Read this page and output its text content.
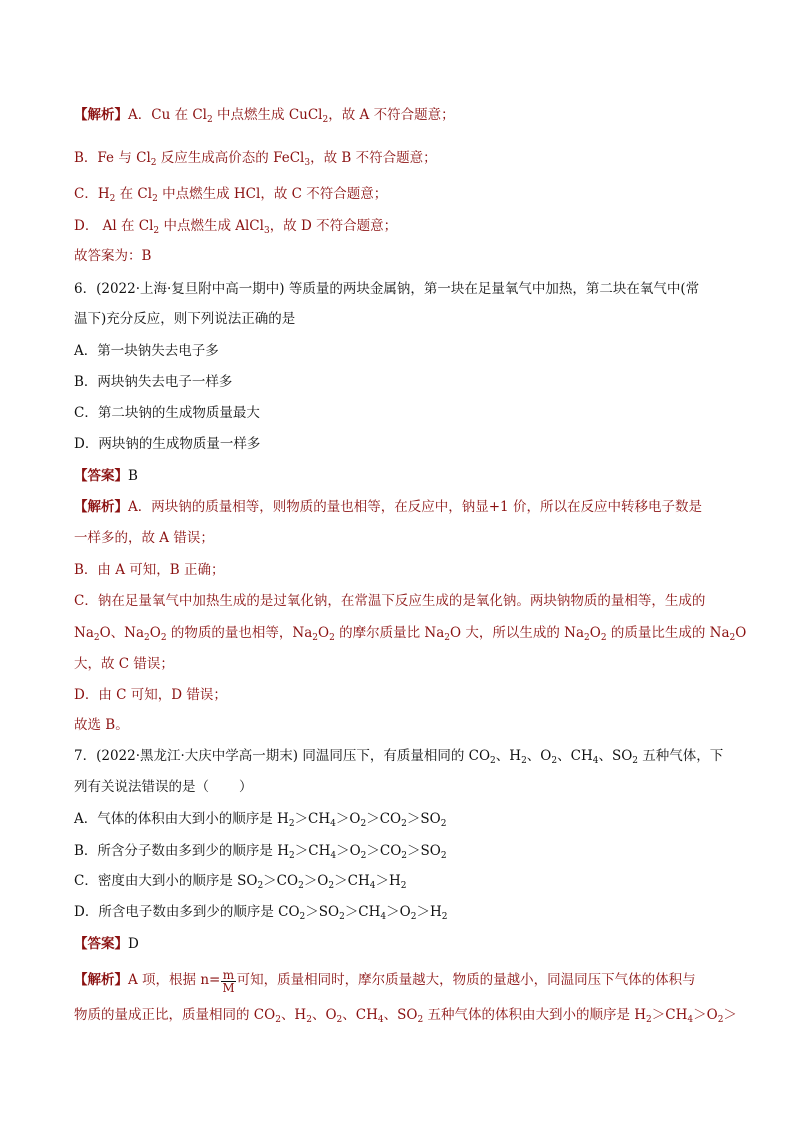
【解析】A．Cu 在 $Cl_2$ 中点燃生成 CuCl$_2$，故 A 不符合题意；
B．Fe 与 $Cl_2$ 反应生成高价态的 FeCl$_3$，故 B 不符合题意；
C．$H_2$ 在 $Cl_2$ 中点燃生成 HCl，故 C 不符合题意；
D． Al 在 $Cl_2$ 中点燃生成 AlCl$_3$，故 D 不符合题意；
故答案为：B
6．(2022·上海·复旦附中高一期中) 等质量的两块金属钠，第一块在足量氧气中加热，第二块在氧气中(常
温下)充分反应，则下列说法正确的是
A．第一块钠失去电子多
B．两块钠失去电子一样多
C．第二块钠的生成物质量最大
D．两块钠的生成物质量一样多
【答案】B
【解析】A．两块钠的质量相等，则物质的量也相等，在反应中，钠显+1 价，所以在反应中转移电子数是
一样多的，故 A 错误；
B．由 A 可知，B 正确；
C．钠在足量氧气中加热生成的是过氧化钠，在常温下反应生成的是氧化钠。两块钠物质的量相等，生成的
$Na_2O$、$Na_2O_2$ 的物质的量也相等，$Na_2O_2$ 的摩尔质量比 $Na_2O$ 大，所以生成的 $Na_2O_2$ 的质量比生成的 $Na_2O$
大，故 C 错误；
D．由 C 可知，D 错误；
故选 B。
7．(2022·黑龙江·大庆中学高一期末) 同温同压下，有质量相同的 $CO_2$、$H_2$、$O_2$、$CH_4$、$SO_2$ 五种气体，下
列有关说法错误的是（       ）
A．气体的体积由大到小的顺序是 $H_2>CH_4>O_2>CO_2>SO_2$
B．所含分子数由多到少的顺序是 $H_2>CH_4>O_2>CO_2>SO_2$
C．密度由大到小的顺序是 $SO_2>CO_2>O_2>CH_4>H_2$
D．所含电子数由多到少的顺序是 $CO_2>SO_2>CH_4>O_2>H_2$
【答案】D
【解析】A 项，根据 $n= \frac{m}{M}$ 可知，质量相同时，摩尔质量越大，物质的量越小，同温同压下气体的体积与
物质的量成正比，质量相同的 $CO_2$、$H_2$、$O_2$、$CH_4$、$SO_2$ 五种气体的体积由大到小的顺序是 $H_2>CH_4>O_2>$
